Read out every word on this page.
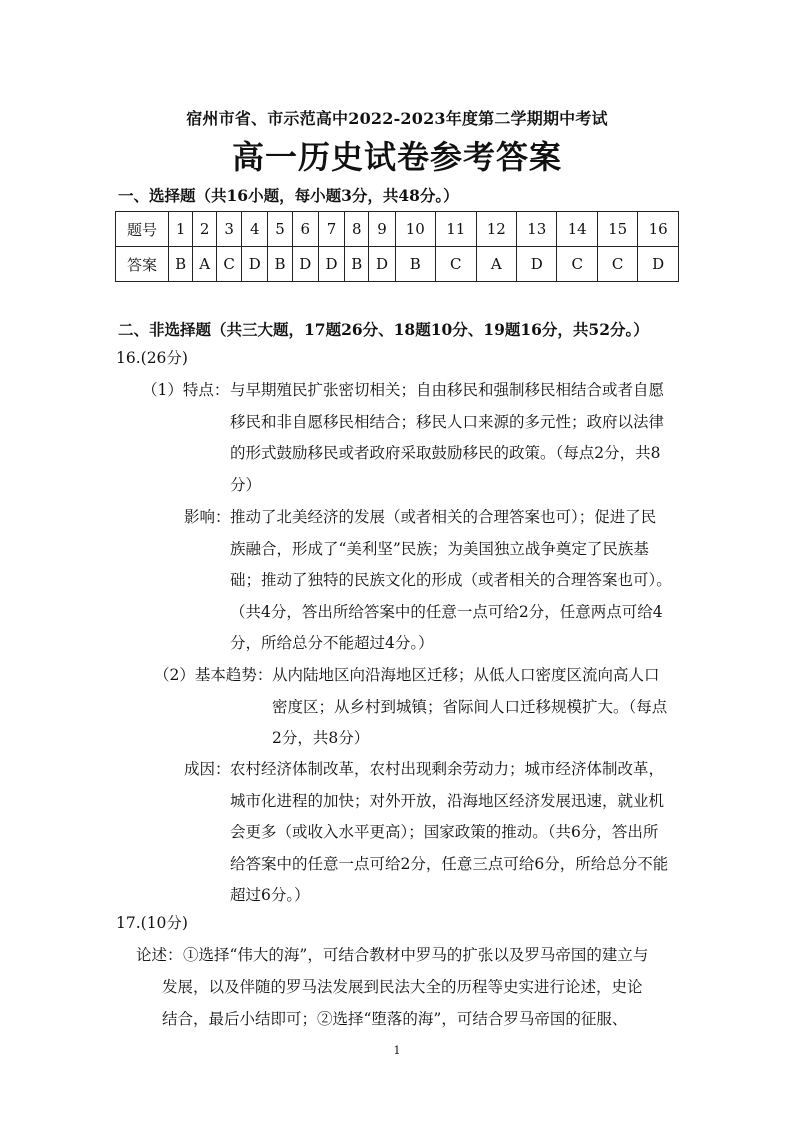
宿州市省、市示范高中2022-2023年度第二学期期中考试
高一历史试卷参考答案
一、选择题（共16小题，每小题3分，共48分。）
题号	1	2	3	4	5	6	7	8	9	10	11	12	13	14	15	16
答案	B	A	C	D	B	D	D	B	D	B	C	A	D	C	C	D
二、非选择题（共三大题，17题26分、18题10分、19题16分，共52分。）
16.(26分)
（1）特点： 与早期殖民扩张密切相关；自由移民和强制移民相结合或者自愿
移民和非自愿移民相结合；移民人口来源的多元性；政府以法律
的形式鼓励移民或者政府采取鼓励移民的政策。（每点2分，共8
分）
影响： 推动了北美经济的发展（或者相关的合理答案也可）；促进了民
族融合，形成了“美利坚”民族；为美国独立战争奠定了民族基
础；推动了独特的民族文化的形成（或者相关的合理答案也可）。
（共4分，答出所给答案中的任意一点可给2分，任意两点可给4
分，所给总分不能超过4分。）
（2）基本趋势： 从内陆地区向沿海地区迁移；从低人口密度区流向高人口
密度区；从乡村到城镇；省际间人口迁移规模扩大。（每点
2分，共8分）
成因： 农村经济体制改革，农村出现剩余劳动力；城市经济体制改革，
城市化进程的加快；对外开放，沿海地区经济发展迅速，就业机
会更多（或收入水平更高）；国家政策的推动。（共6分，答出所
给答案中的任意一点可给2分，任意三点可给6分，所给总分不能
超过6分。）
17.(10分)
论述： ①选择“伟大的海”，可结合教材中罗马的扩张以及罗马帝国的建立与
发展，以及伴随的罗马法发展到民法大全的历程等史实进行论述，史论
结合，最后小结即可；②选择“堕落的海”，可结合罗马帝国的征服、
1
